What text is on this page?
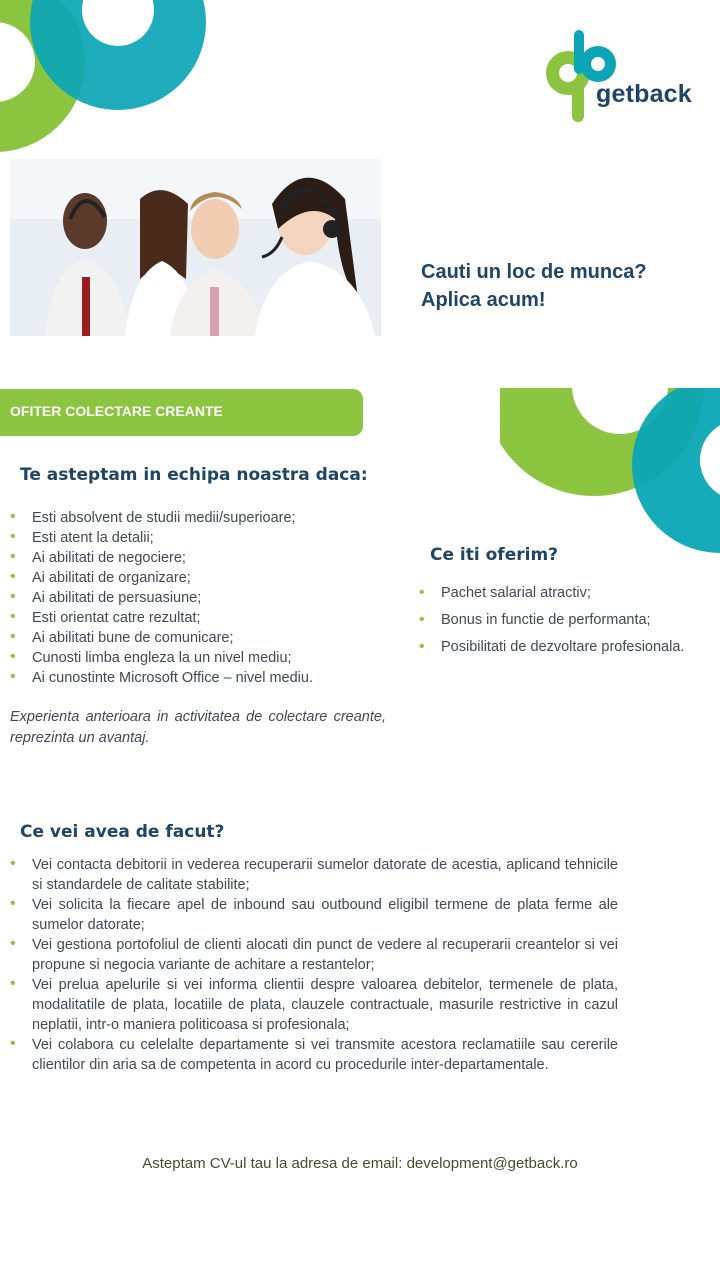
getback
Cauti un loc de munca?
Aplica acum!
OFITER COLECTARE CREANTE
Te asteptam in echipa noastra daca:
• Esti absolvent de studii medii/superioare;
• Esti atent la detalii;
• Ai abilitati de negociere;
• Ai abilitati de organizare;
• Ai abilitati de persuasiune;
• Esti orientat catre rezultat;
• Ai abilitati bune de comunicare;
• Cunosti limba engleza la un nivel mediu;
• Ai cunostinte Microsoft Office – nivel mediu.
Experienta anterioara in activitatea de colectare creante, reprezinta un avantaj.
Ce iti oferim?
• Pachet salarial atractiv;
• Bonus in functie de performanta;
• Posibilitati de dezvoltare profesionala.
Ce vei avea de facut?
• Vei contacta debitorii in vederea recuperarii sumelor datorate de acestia, aplicand tehnicile si standardele de calitate stabilite;
• Vei solicita la fiecare apel de inbound sau outbound eligibil termene de plata ferme ale sumelor datorate;
• Vei gestiona portofoliul de clienti alocati din punct de vedere al recuperarii creantelor si vei propune si negocia variante de achitare a restantelor;
• Vei prelua apelurile si vei informa clientii despre valoarea debitelor, termenele de plata, modalitatile de plata, locatiile de plata, clauzele contractuale, masurile restrictive in cazul neplatii, intr-o maniera politicoasa si profesionala;
• Vei colabora cu celelalte departamente si vei transmite acestora reclamatiile sau cererile clientilor din aria sa de competenta in acord cu procedurile inter-departamentale.
Asteptam CV-ul tau la adresa de email: development@getback.ro
